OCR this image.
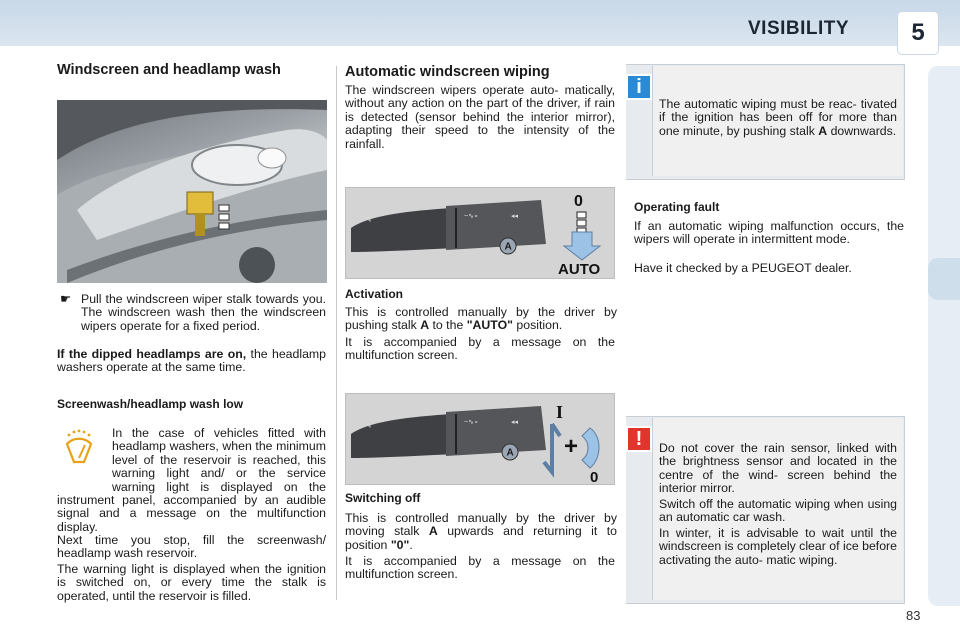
VISIBILITY	5
Windscreen and headlamp wash
☛ Pull the windscreen wiper stalk towards you. The windscreen wash then the windscreen wipers operate for a fixed period.

If the dipped headlamps are on, the headlamp washers operate at the same time.

Screenwash/headlamp wash low
In the case of vehicles fitted with headlamp washers, when the minimum level of the reservoir is reached, this warning light and/ or the service warning light is displayed on the instrument panel, accompanied by an audible signal and a message on the multifunction display.

Next time you stop, fill the screenwash/ headlamp wash reservoir.

The warning light is displayed when the ignition is switched on, or every time the stalk is operated, until the reservoir is filled.

Automatic windscreen wiping

The windscreen wipers operate auto- matically, without any action on the part of the driver, if rain is detected (sensor behind the interior mirror), adapting their speed to the intensity of the rainfall.

✎
~∿∘	◂◂
A
0
AUTO
Activation

This is controlled manually by the driver by pushing stalk A to the "AUTO" position.

It is accompanied by a message on the multifunction screen.

✎
~∿∘	◂◂
A
I
+
0
Switching off

This is controlled manually by the driver by moving stalk A upwards and returning it to position "0".

It is accompanied by a message on the multifunction screen.

i

The automatic wiping must be reac- tivated if the ignition has been off for more than one minute, by pushing stalk A downwards.

Operating fault

If an automatic wiping malfunction occurs, the wipers will operate in intermittent mode.

Have it checked by a PEUGEOT dealer.

!	Do not cover the rain sensor, linked with the brightness sensor and located in the centre of the wind- screen behind the interior mirror.

Switch off the automatic wiping when using an automatic car wash.

In winter, it is advisable to wait until the windscreen is completely clear of ice before activating the auto- matic wiping.

83
